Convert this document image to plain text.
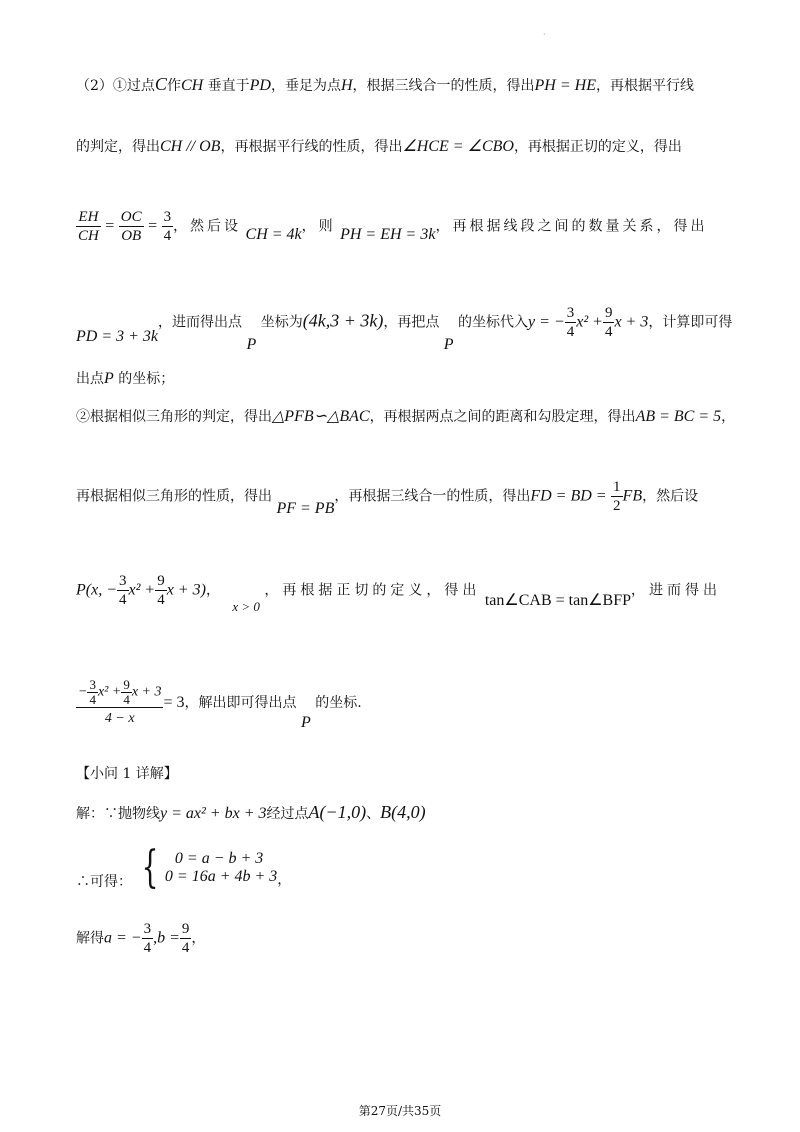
·
（2）①过点C作CH 垂直于PD，垂足为点H，根据三线合一的性质，得出PH = HE，再根据平行线
的判定，得出CH // OB，再根据平行线的性质，得出∠HCE = ∠CBO，再根据正切的定义，得出
$\frac{EH}{CH} = \frac{OC}{OB} = \frac{3}{4}$ ，然后设 CH = 4k，则 PH = EH = 3k，再根据线段之间的数量关系，得出
PD = 3 + 3k，进而得出点 P 坐标为(4k,3 + 3k)，再把点 P 的坐标代入y = − $\frac{3}{4} x^2 + \frac{9}{4}$ x + 3，计算即可得
出点P 的坐标；
②根据相似三角形的判定，得出△PFB∽△BAC，再根据两点之间的距离和勾股定理，得出AB = BC = 5，
再根据相似三角形的性质，得出 PF = PB，再根据三线合一的性质，得出FD = BD = $\frac{1}{2}$ FB，然后设
P(x, − $\frac{3}{4} x^2 + \frac{9}{4}$ x + 3)， x > 0 ，再根据正切的定义，得出 tan∠CAB = tan∠BFP，进而得出
$\frac{- \frac{3}{4} x^2 + \frac{9}{4} x + 3}{4 - x} = 3$，解出即可得出点 P 的坐标.
【小问 1 详解】
解：∵抛物线y = ax² + bx + 3经过点A(−1,0)、B(4,0)
∴可得： { 0 = a − b + 3
0 = 16a + 4b + 3 ，
解得a = − $\frac{3}{4} ,b = \frac{9}{4}$ ，
第27页/共35页
